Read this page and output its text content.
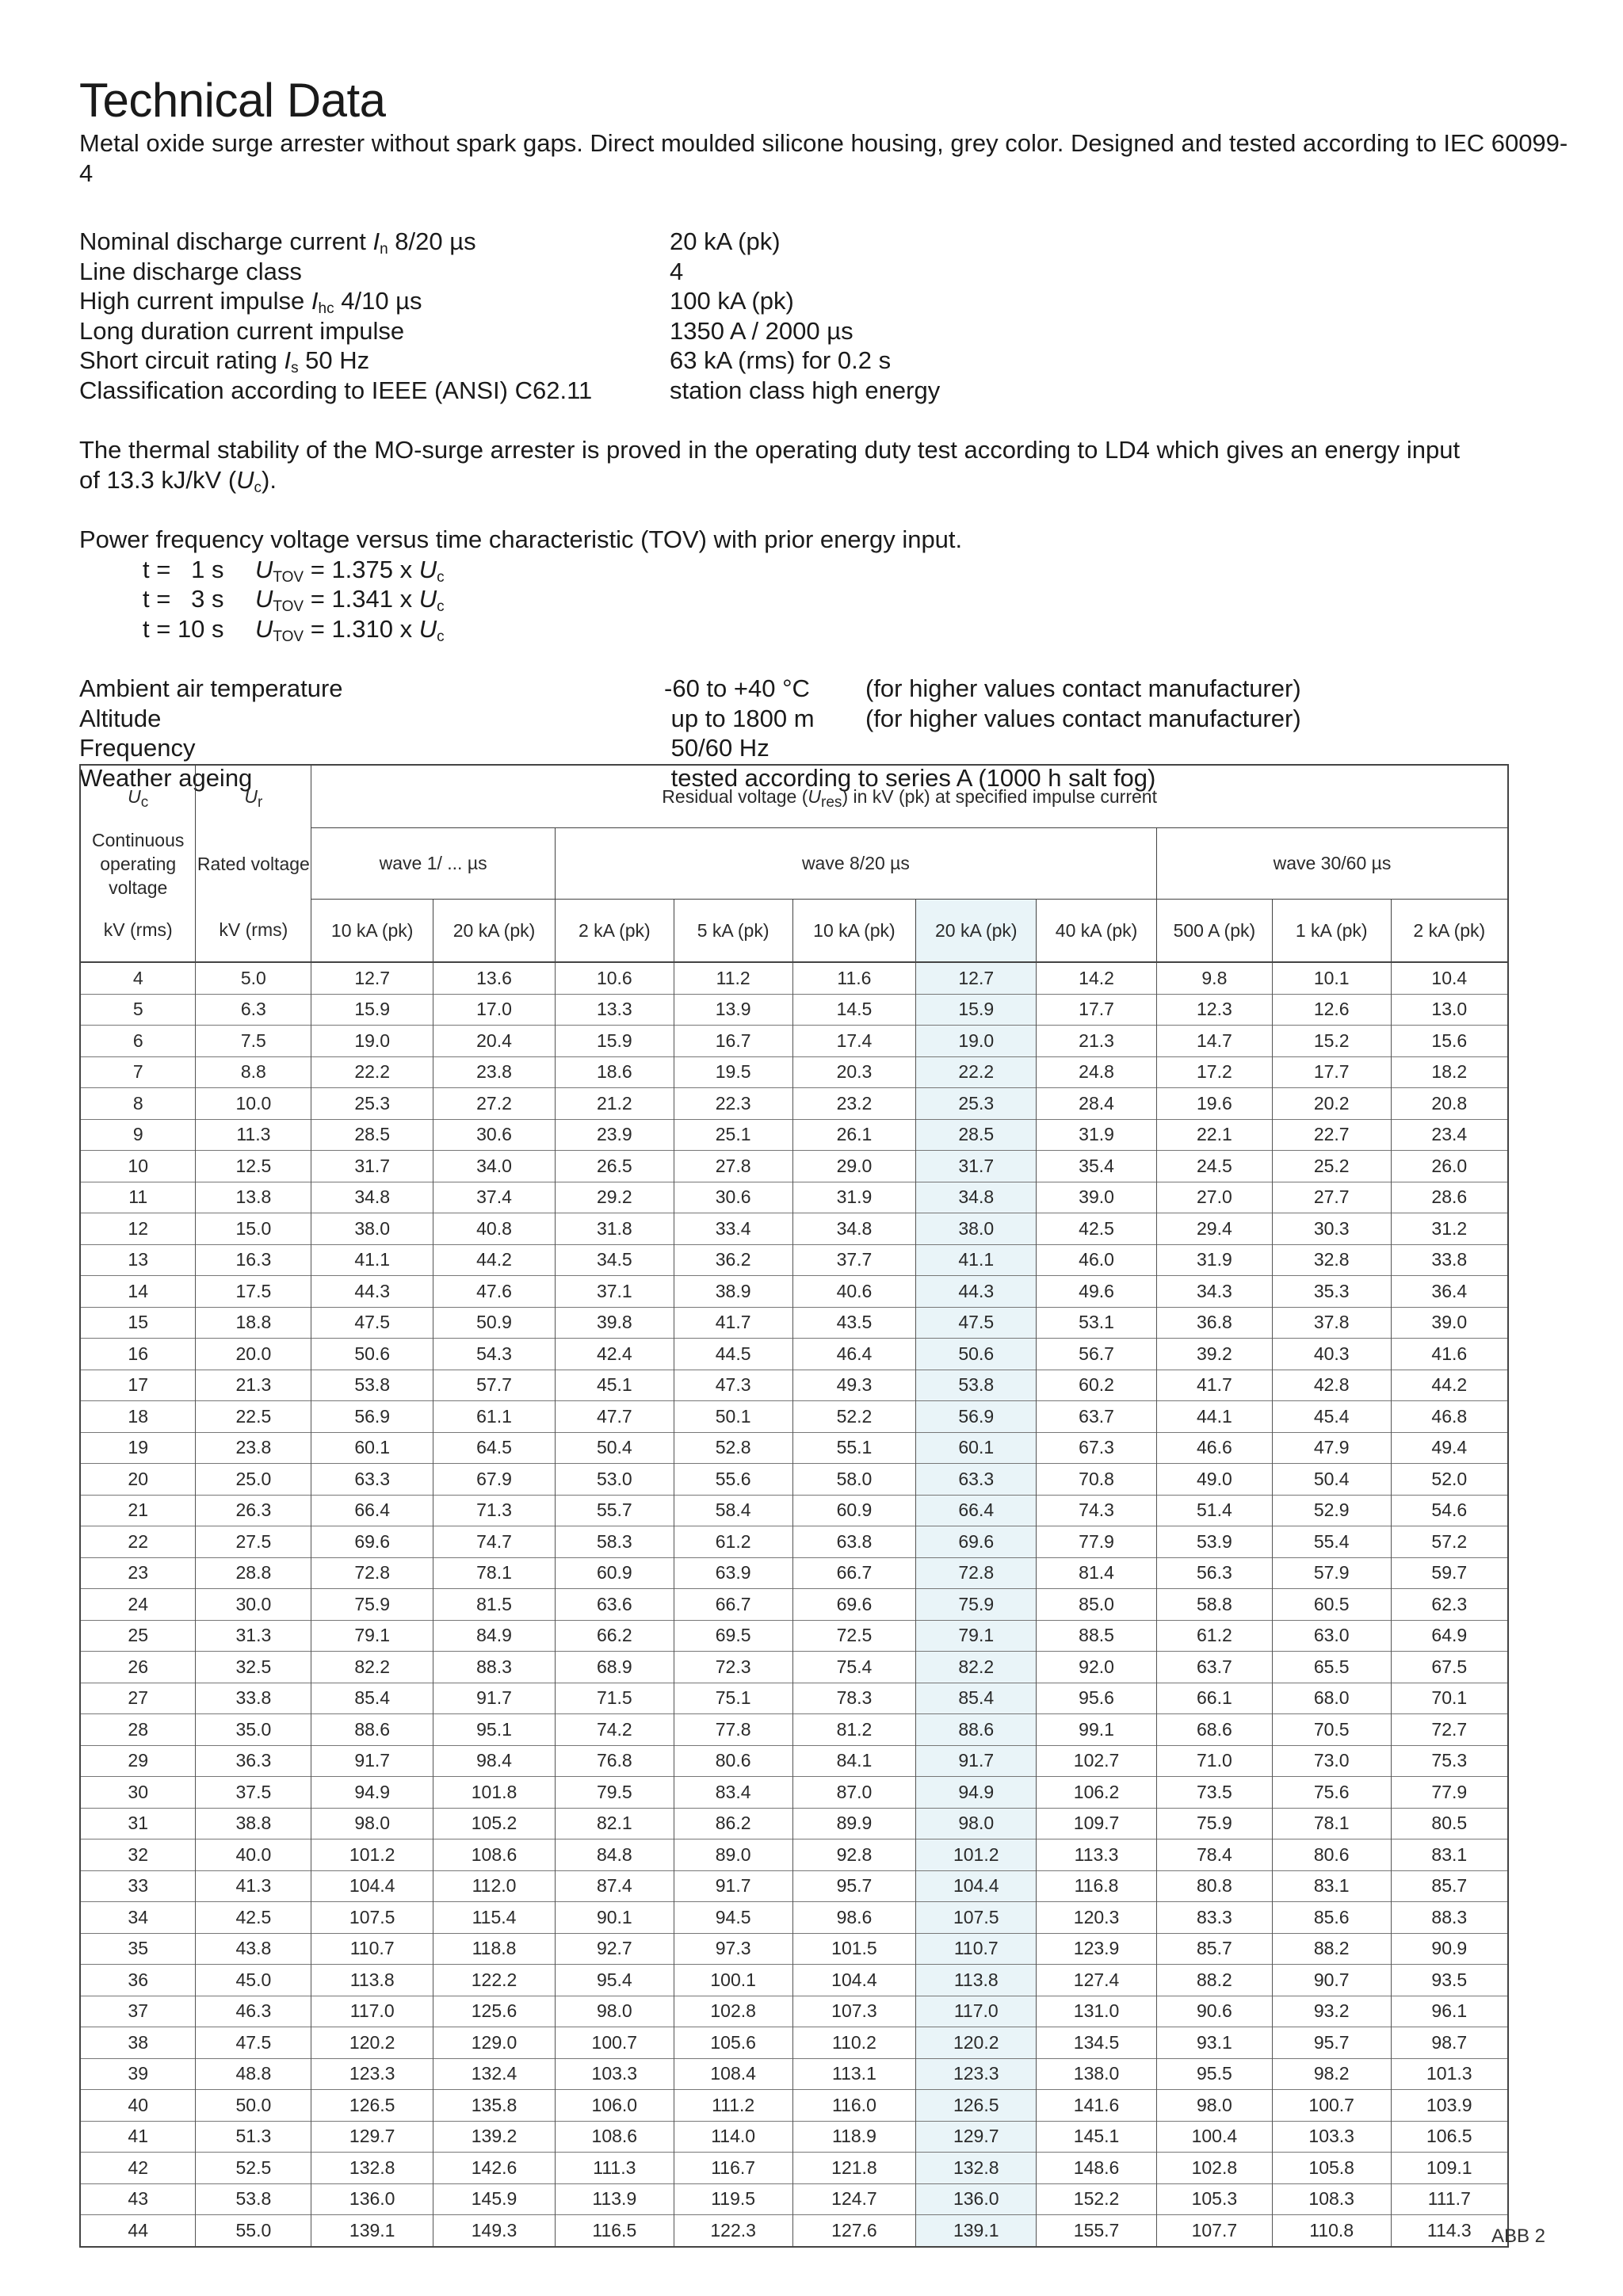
Technical Data

Metal oxide surge arrester without spark gaps. Direct moulded silicone housing, grey color. Designed and tested according to IEC 60099-4

Nominal discharge current $I_n$ 8/20 µs	20 kA (pk)
Line discharge class	4
High current impulse $I_{hc}$ 4/10 µs	100 kA (pk)
Long duration current impulse	1350 A / 2000 µs
Short circuit rating $I_s$ 50 Hz	63 kA (rms) for 0.2 s
Classification according to IEEE (ANSI) C62.11	station class high energy
The thermal stability of the MO-surge arrester is proved in the operating duty test according to LD4 which gives an energy input
of 13.3 kJ/kV $(U_c)$.
Power frequency voltage versus time characteristic (TOV) with prior energy input.
t =   1 s	$U_{TOV} = 1.375$ x $U_c$
t =   3 s	$U_{TOV} = 1.341$ x $U_c$
t = 10 s	$U_{TOV} = 1.310$ x $U_c$
Ambient air temperature	-60 to +40 °C	(for higher values contact manufacturer)
Altitude	up to 1800 m	(for higher values contact manufacturer)
Frequency	50/60 Hz
Weather ageing	tested according to series A (1000 h salt fog)
$U_c$	$U_r$	Residual voltage $(U_{res})$ in kV (pk) at specified impulse current									
Continuous operating voltage	Rated voltage	wave 1/ ... µs		wave 8/20 µs					wave 30/60 µs		
kV (rms)	kV (rms)	10 kA (pk)	20 kA (pk)	2 kA (pk)	5 kA (pk)	10 kA (pk)	20 kA (pk)	40 kA (pk)	500 A (pk)	1 kA (pk)	2 kA (pk)
4	5.0	12.7	13.6	10.6	11.2	11.6	12.7	14.2	9.8	10.1	10.4
5	6.3	15.9	17.0	13.3	13.9	14.5	15.9	17.7	12.3	12.6	13.0
6	7.5	19.0	20.4	15.9	16.7	17.4	19.0	21.3	14.7	15.2	15.6
7	8.8	22.2	23.8	18.6	19.5	20.3	22.2	24.8	17.2	17.7	18.2
8	10.0	25.3	27.2	21.2	22.3	23.2	25.3	28.4	19.6	20.2	20.8
9	11.3	28.5	30.6	23.9	25.1	26.1	28.5	31.9	22.1	22.7	23.4
10	12.5	31.7	34.0	26.5	27.8	29.0	31.7	35.4	24.5	25.2	26.0
11	13.8	34.8	37.4	29.2	30.6	31.9	34.8	39.0	27.0	27.7	28.6
12	15.0	38.0	40.8	31.8	33.4	34.8	38.0	42.5	29.4	30.3	31.2
13	16.3	41.1	44.2	34.5	36.2	37.7	41.1	46.0	31.9	32.8	33.8
14	17.5	44.3	47.6	37.1	38.9	40.6	44.3	49.6	34.3	35.3	36.4
15	18.8	47.5	50.9	39.8	41.7	43.5	47.5	53.1	36.8	37.8	39.0
16	20.0	50.6	54.3	42.4	44.5	46.4	50.6	56.7	39.2	40.3	41.6
17	21.3	53.8	57.7	45.1	47.3	49.3	53.8	60.2	41.7	42.8	44.2
18	22.5	56.9	61.1	47.7	50.1	52.2	56.9	63.7	44.1	45.4	46.8
19	23.8	60.1	64.5	50.4	52.8	55.1	60.1	67.3	46.6	47.9	49.4
20	25.0	63.3	67.9	53.0	55.6	58.0	63.3	70.8	49.0	50.4	52.0
21	26.3	66.4	71.3	55.7	58.4	60.9	66.4	74.3	51.4	52.9	54.6
22	27.5	69.6	74.7	58.3	61.2	63.8	69.6	77.9	53.9	55.4	57.2
23	28.8	72.8	78.1	60.9	63.9	66.7	72.8	81.4	56.3	57.9	59.7
24	30.0	75.9	81.5	63.6	66.7	69.6	75.9	85.0	58.8	60.5	62.3
25	31.3	79.1	84.9	66.2	69.5	72.5	79.1	88.5	61.2	63.0	64.9
26	32.5	82.2	88.3	68.9	72.3	75.4	82.2	92.0	63.7	65.5	67.5
27	33.8	85.4	91.7	71.5	75.1	78.3	85.4	95.6	66.1	68.0	70.1
28	35.0	88.6	95.1	74.2	77.8	81.2	88.6	99.1	68.6	70.5	72.7
29	36.3	91.7	98.4	76.8	80.6	84.1	91.7	102.7	71.0	73.0	75.3
30	37.5	94.9	101.8	79.5	83.4	87.0	94.9	106.2	73.5	75.6	77.9
31	38.8	98.0	105.2	82.1	86.2	89.9	98.0	109.7	75.9	78.1	80.5
32	40.0	101.2	108.6	84.8	89.0	92.8	101.2	113.3	78.4	80.6	83.1
33	41.3	104.4	112.0	87.4	91.7	95.7	104.4	116.8	80.8	83.1	85.7
34	42.5	107.5	115.4	90.1	94.5	98.6	107.5	120.3	83.3	85.6	88.3
35	43.8	110.7	118.8	92.7	97.3	101.5	110.7	123.9	85.7	88.2	90.9
36	45.0	113.8	122.2	95.4	100.1	104.4	113.8	127.4	88.2	90.7	93.5
37	46.3	117.0	125.6	98.0	102.8	107.3	117.0	131.0	90.6	93.2	96.1
38	47.5	120.2	129.0	100.7	105.6	110.2	120.2	134.5	93.1	95.7	98.7
39	48.8	123.3	132.4	103.3	108.4	113.1	123.3	138.0	95.5	98.2	101.3
40	50.0	126.5	135.8	106.0	111.2	116.0	126.5	141.6	98.0	100.7	103.9
41	51.3	129.7	139.2	108.6	114.0	118.9	129.7	145.1	100.4	103.3	106.5
42	52.5	132.8	142.6	111.3	116.7	121.8	132.8	148.6	102.8	105.8	109.1
43	53.8	136.0	145.9	113.9	119.5	124.7	136.0	152.2	105.3	108.3	111.7
44	55.0	139.1	149.3	116.5	122.3	127.6	139.1	155.7	107.7	110.8	114.3 ABB 2
